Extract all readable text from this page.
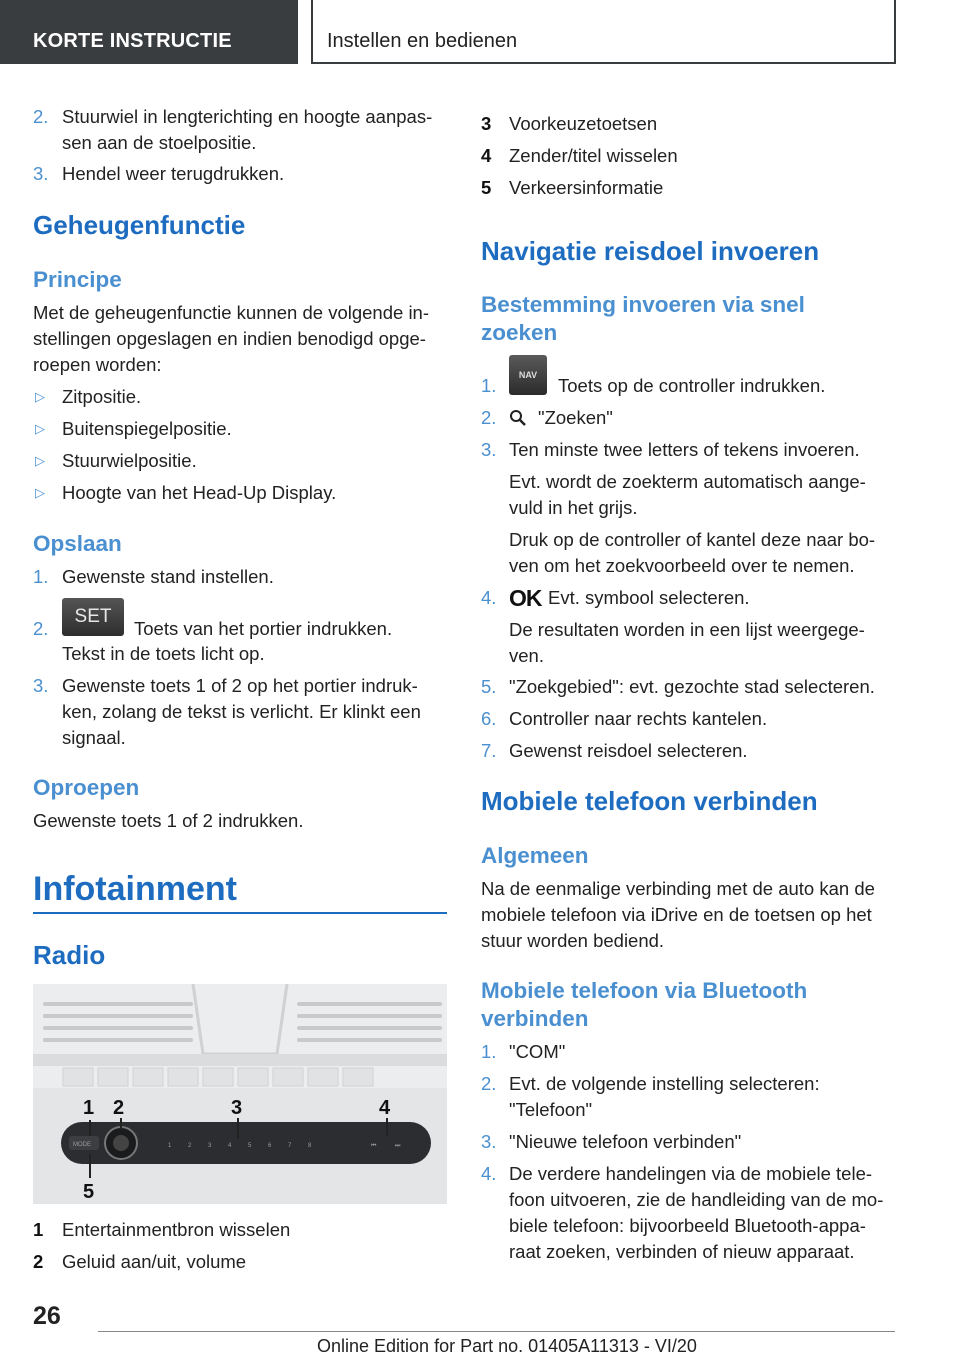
KORTE INSTRUCTIE	Instellen en bedienen
2. Stuurwiel in lengterichting en hoogte aanpas-
sen aan de stoelpositie.
3. Hendel weer terugdrukken.
Geheugenfunctie
Principe
Met de geheugenfunctie kunnen de volgende in-
stellingen opgeslagen en indien benodigd opge-
roepen worden:
▷ Zitpositie.
▷ Buitenspiegelpositie.
▷ Stuurwielpositie.
▷ Hoogte van het Head-Up Display.
Opslaan
1. Gewenste stand instellen.
2.
SET
Toets van het portier indrukken.
Tekst in de toets licht op.
3. Gewenste toets 1 of 2 op het portier indruk-
ken, zolang de tekst is verlicht. Er klinkt een
signaal.
Oproepen
Gewenste toets 1 of 2 indrukken.
Infotainment
Radio
MODE	1	2	3	4	5	6	7	8	⏮	⏭
1 2	3	4
5
1 Entertainmentbron wisselen
2 Geluid aan/uit, volume
3 Voorkeuzetoetsen
4 Zender/titel wisselen
5 Verkeersinformatie
Navigatie reisdoel invoeren
Bestemming invoeren via snel
zoeken
1.	NAV	Toets op de controller indrukken.
2. "Zoeken"
3. Ten minste twee letters of tekens invoeren.
Evt. wordt de zoekterm automatisch aange-
vuld in het grijs.
Druk op de controller of kantel deze naar bo-
ven om het zoekvoorbeeld over te nemen.
4. OK Evt. symbool selecteren.
De resultaten worden in een lijst weergege-
ven.
5. "Zoekgebied": evt. gezochte stad selecteren.
6. Controller naar rechts kantelen.
7. Gewenst reisdoel selecteren.
Mobiele telefoon verbinden
Algemeen
Na de eenmalige verbinding met de auto kan de
mobiele telefoon via iDrive en de toetsen op het
stuur worden bediend.
Mobiele telefoon via Bluetooth
verbinden
1. "COM"
2. Evt. de volgende instelling selecteren:
"Telefoon"
3. "Nieuwe telefoon verbinden"
4. De verdere handelingen via de mobiele tele-
foon uitvoeren, zie de handleiding van de mo-
biele telefoon: bijvoorbeeld Bluetooth-appa-
raat zoeken, verbinden of nieuw apparaat.
26
Online Edition for Part no. 01405A11313 - VI/20
